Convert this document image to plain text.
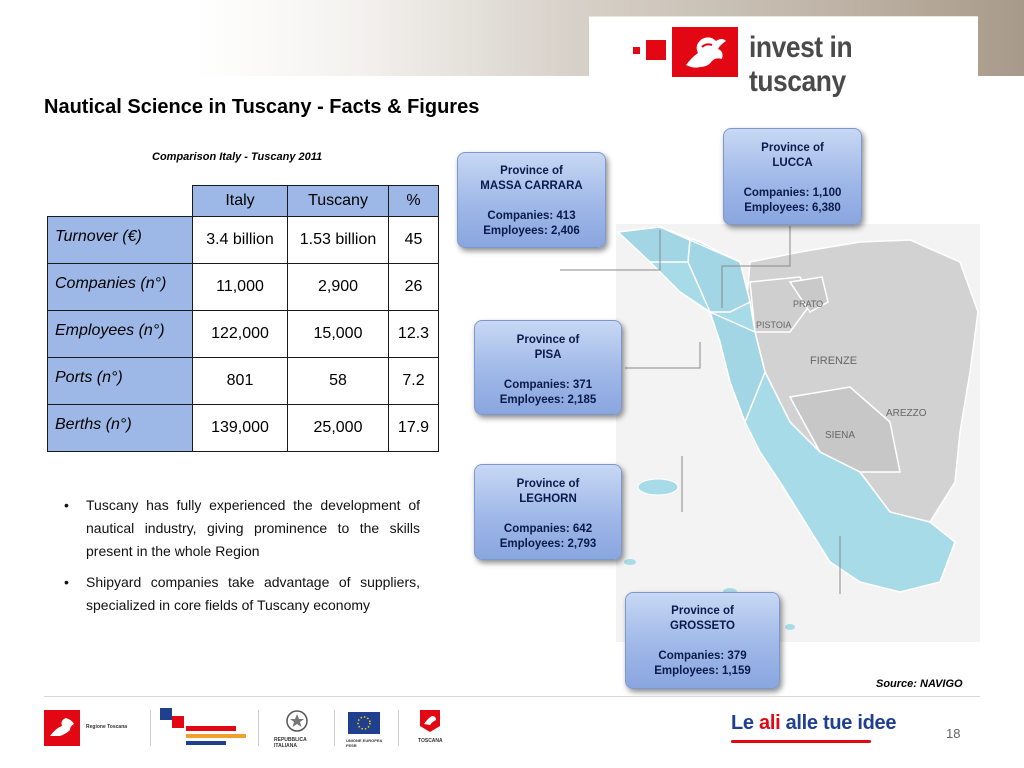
invest in tuscany
Nautical Science in Tuscany - Facts & Figures
Comparison Italy - Tuscany 2011
	Italy	Tuscany	%
Turnover (€)	3.4 billion	1.53 billion	45
Companies (n°)	11,000	2,900	26
Employees (n°)	122,000	15,000	12.3
Ports (n°)	801	58	7.2
Berths (n°)	139,000	25,000	17.9
• Tuscany has fully experienced the development of nautical industry, giving prominence to the skills present in the whole Region
• Shipyard companies take advantage of suppliers, specialized in core fields of Tuscany economy
PRATO
PISTOIA
FIRENZE
AREZZO
SIENA
Province of
LUCCA
Companies: 1,100
Employees: 6,380
Province of
MASSA CARRARA
Companies: 413
Employees: 2,406
Province of
PISA
Companies: 371
Employees: 2,185
Province of
LEGHORN
Companies: 642
Employees: 2,793
Province of
GROSSETO
Companies: 379
Employees: 1,159
Source: NAVIGO
Regione Toscana
REPUBBLICA ITALIANA
UNIONE EUROPEA FESR
TOSCANA
Le ali alle tue idee	18
